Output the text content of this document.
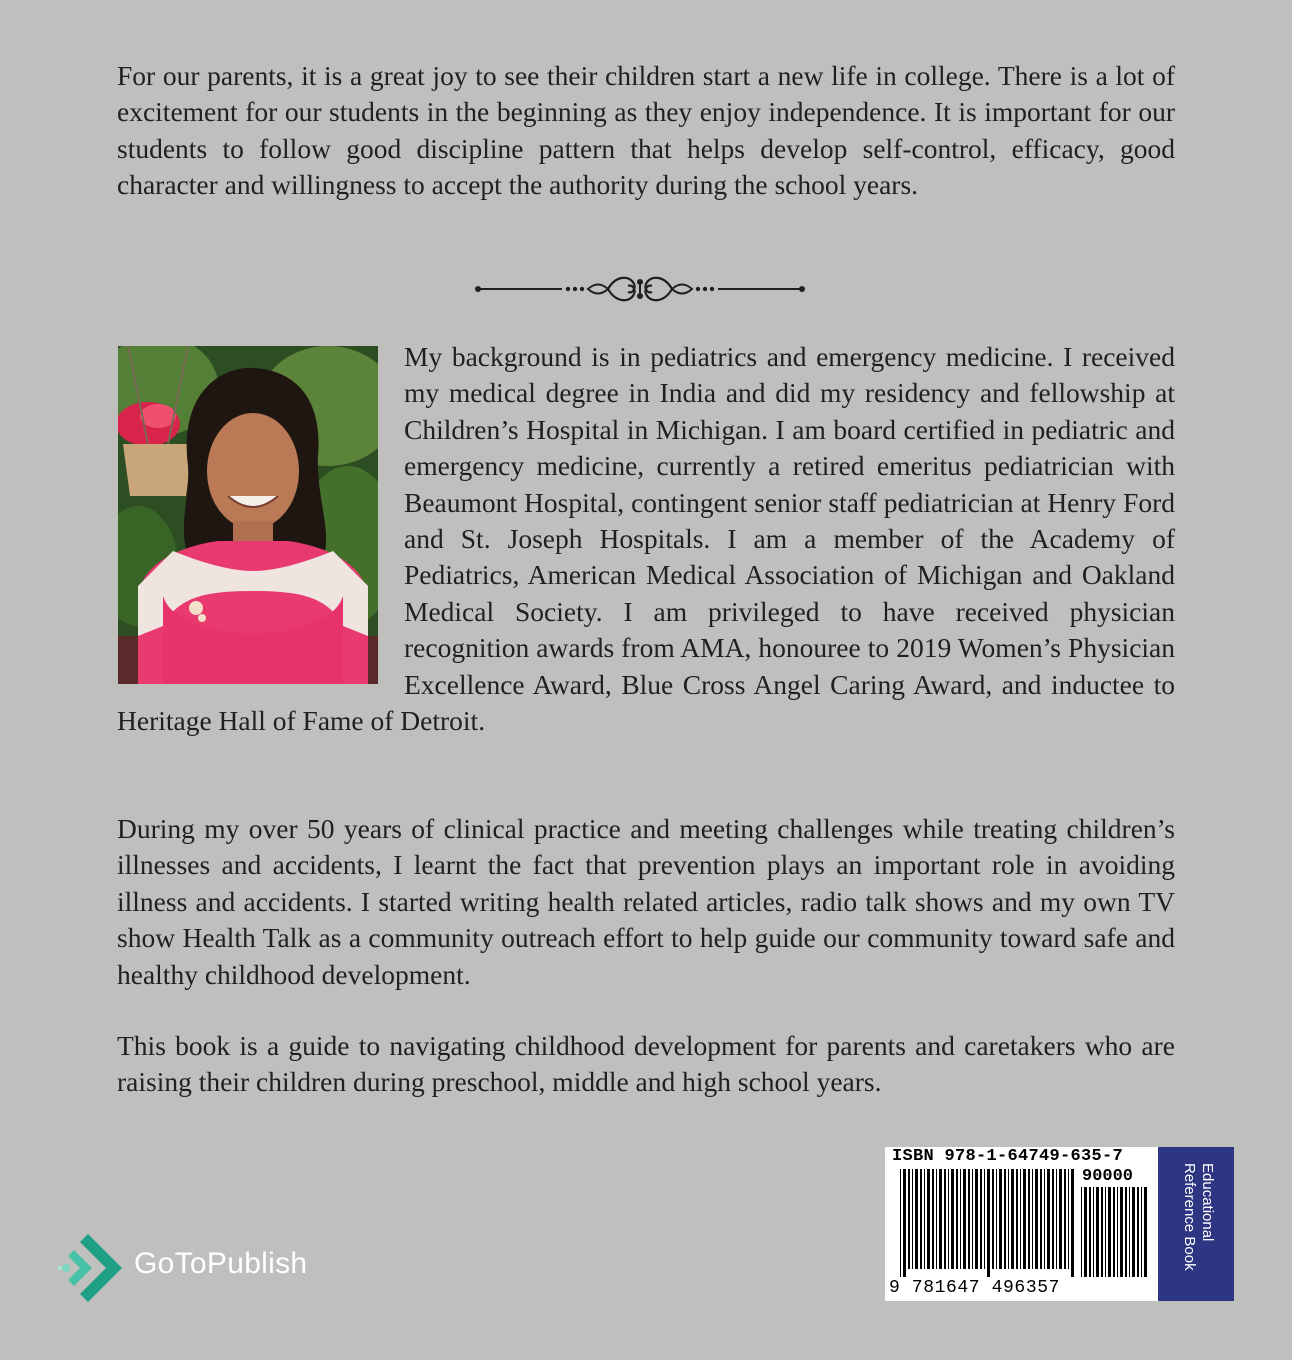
For our parents, it is a great joy to see their children start a new life in college. There is a lot of excitement for our students in the beginning as they enjoy independence. It is important for our students to follow good discipline pattern that helps develop self-control, efficacy, good character and willingness to accept the authority during the school years.

My background is in pediatrics and emergency medicine. I received my medical degree in India and did my residency and fellowship at Children’s Hospital in Michigan. I am board certified in pediatric and emergency medicine, currently a retired emeritus pediatrician with Beaumont Hospital, contingent senior staff pediatrician at Henry Ford and St. Joseph Hospitals. I am a member of the Academy of Pediatrics, American Medical Association of Michigan and Oakland Medical Society. I am privileged to have received physician recognition awards from AMA, honouree to 2019 Women’s Physician Excellence Award, Blue Cross Angel Caring Award, and inductee to Heritage Hall of Fame of Detroit.

During my over 50 years of clinical practice and meeting challenges while treating children’s illnesses and accidents, I learnt the fact that prevention plays an important role in avoiding illness and accidents. I started writing health related articles, radio talk shows and my own TV show Health Talk as a community outreach effort to help guide our community toward safe and healthy childhood development.

This book is a guide to navigating childhood development for parents and caretakers who are raising their children during preschool, middle and high school years.

GoToPublish
ISBN 978-1-64749-635-7
90000
9 781647 496357
Educational
Reference Book
